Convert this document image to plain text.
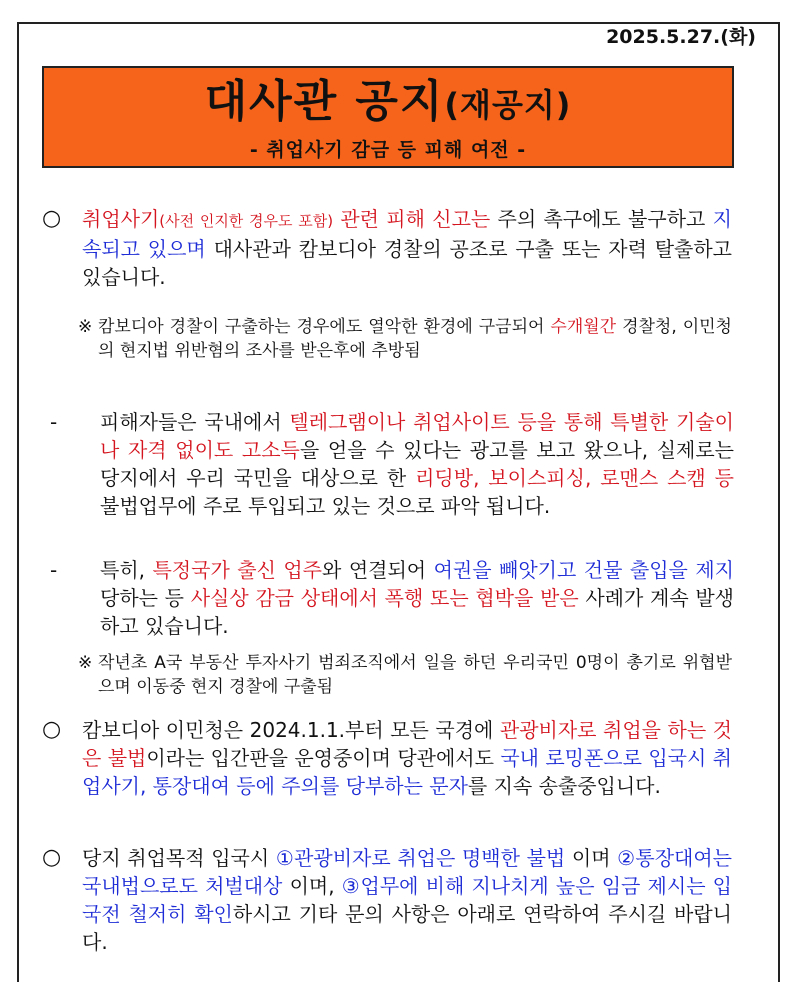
2025.5.27.(화)
대사관 공지(재공지)
- 취업사기 감금 등 피해 여전 -
○ 취업사기(사전 인지한 경우도 포함) 관련 피해 신고는 주의 촉구에도 불구하고 지속되고 있으며 대사관과 캄보디아 경찰의 공조로 구출 또는 자력 탈출하고 있습니다.
※ 캄보디아 경찰이 구출하는 경우에도 열악한 환경에 구금되어 수개월간 경찰청, 이민청의 현지법 위반혐의 조사를 받은후에 추방됨
- 피해자들은 국내에서 텔레그램이나 취업사이트 등을 통해 특별한 기술이나 자격 없이도 고소득을 얻을 수 있다는 광고를 보고 왔으나, 실제로는 당지에서 우리 국민을 대상으로 한 리딩방, 보이스피싱, 로맨스 스캠 등 불법업무에 주로 투입되고 있는 것으로 파악 됩니다.
- 특히, 특정국가 출신 업주와 연결되어 여권을 빼앗기고 건물 출입을 제지당하는 등 사실상 감금 상태에서 폭행 또는 협박을 받은 사례가 계속 발생하고 있습니다.
※ 작년초 A국 부동산 투자사기 범죄조직에서 일을 하던 우리국민 0명이 총기로 위협받으며 이동중 현지 경찰에 구출됨
○ 캄보디아 이민청은 2024.1.1.부터 모든 국경에 관광비자로 취업을 하는 것은 불법이라는 입간판을 운영중이며 당관에서도 국내 로밍폰으로 입국시 취업사기, 통장대여 등에 주의를 당부하는 문자를 지속 송출중입니다.
○ 당지 취업목적 입국시 ①관광비자로 취업은 명백한 불법 이며 ②통장대여는 국내법으로도 처벌대상 이며, ③업무에 비해 지나치게 높은 임금 제시는 입국전 철저히 확인하시고 기타 문의 사항은 아래로 연락하여 주시길 바랍니다.
